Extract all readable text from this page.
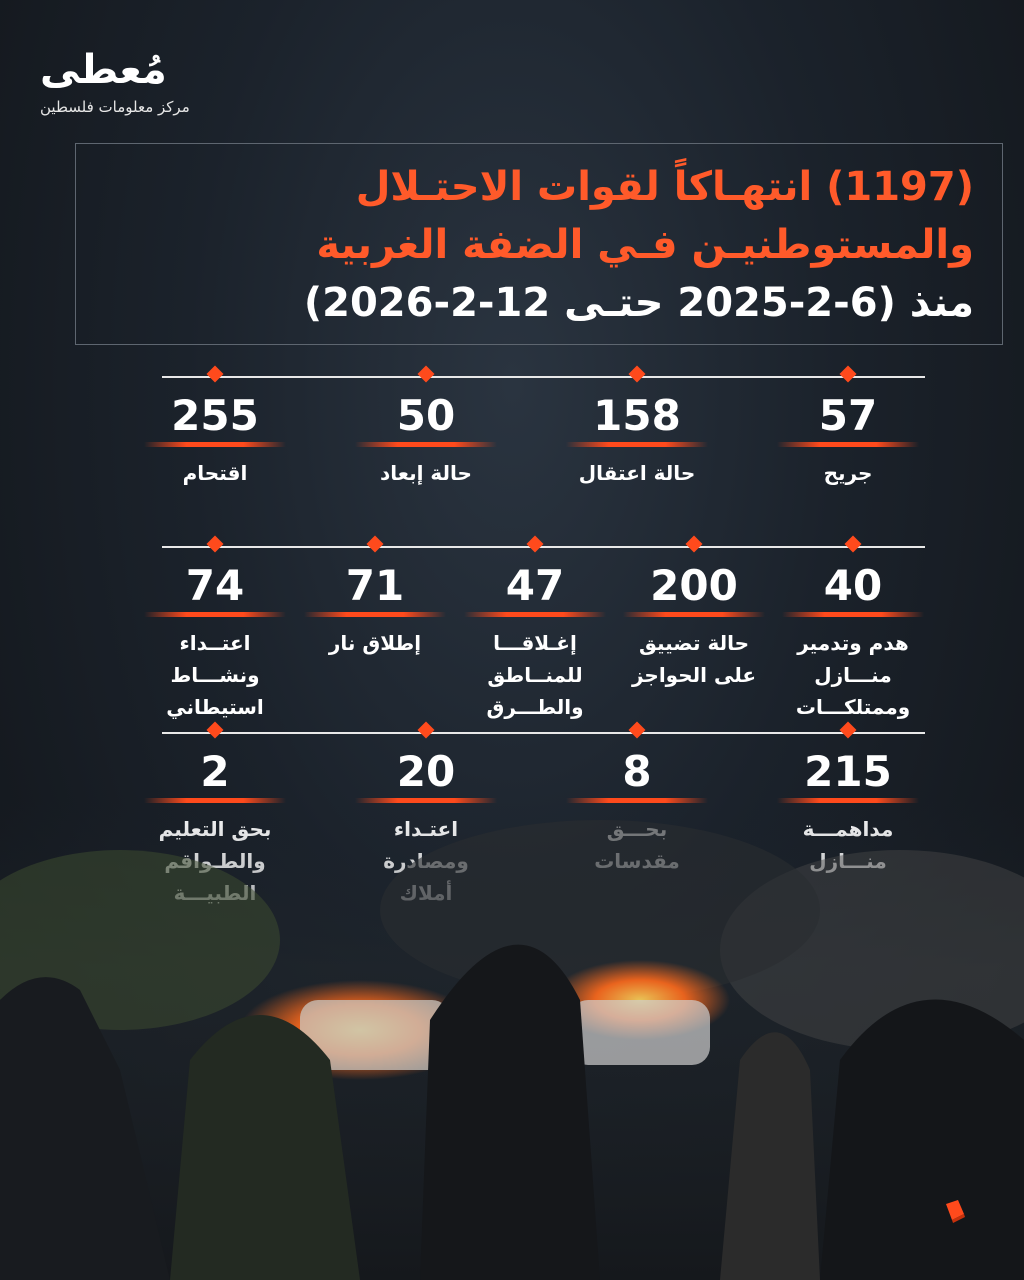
مُعطى
مركز معلومات فلسطين
(1197) انتهـاكاً لقوات الاحتـلال
والمستوطنيـن فـي الضفة الغربية
منذ (6-2-2025 حتـى 12-2-2026)
57
جريح
158
حالة اعتقال
50
حالة إبعاد
255
اقتحام
40
هدم وتدمير
منـــازل
وممتلكـــات
200
حالة تضييق
على الحواجز
47
إغـلاقـــا
للمنــاطق
والطـــرق
71
إطلاق نار
74
اعتــداء
ونشـــاط
استيطاني
215
8
20
2
